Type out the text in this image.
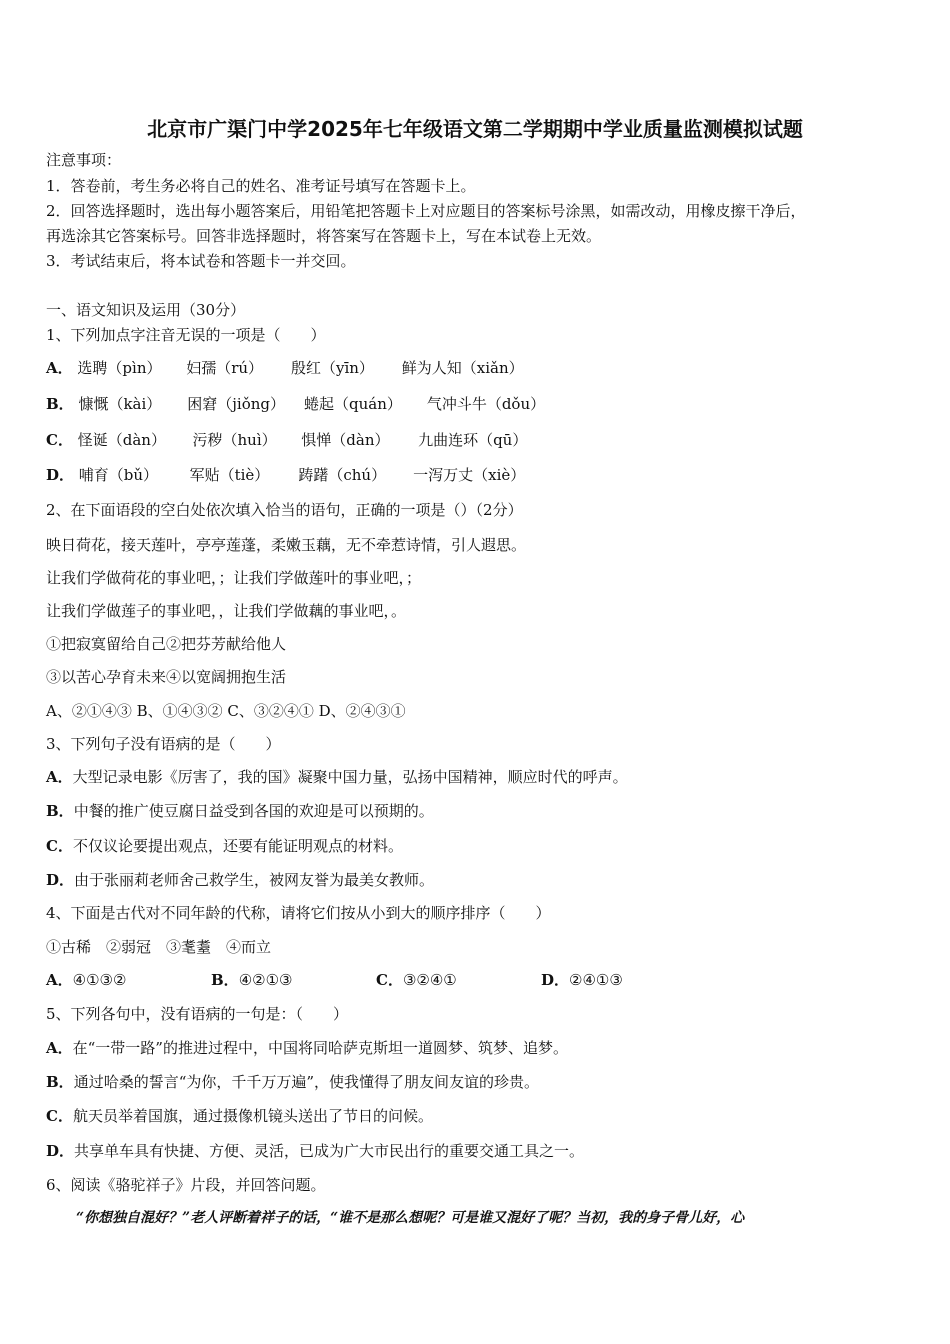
北京市广渠门中学2025年七年级语文第二学期期中学业质量监测模拟试题
注意事项：
1．答卷前，考生务必将自己的姓名、准考证号填写在答题卡上。
2．回答选择题时，选出每小题答案后，用铅笔把答题卡上对应题目的答案标号涂黑，如需改动，用橡皮擦干净后，
再选涂其它答案标号。回答非选择题时，将答案写在答题卡上，写在本试卷上无效。
3．考试结束后，将本试卷和答题卡一并交回。
一、语文知识及运用（30分）
1、下列加点字注音无误的一项是（　　）
A． 选聘（pìn） 妇孺（rú） 殷红（yīn） 鲜为人知（xiǎn）
B． 慷慨（kài） 困窘（jiǒng） 蜷起（quán） 气冲斗牛（dǒu）
C． 怪诞（dàn） 污秽（huì） 惧惮（dàn） 九曲连环（qū）
D． 哺育（bǔ） 军贴（tiè） 踌躇（chú） 一泻万丈（xiè）
2、在下面语段的空白处依次填入恰当的语句，正确的一项是（）（2分）
映日荷花，接天莲叶，亭亭莲蓬，柔嫩玉藕，无不牵惹诗情，引人遐思。
让我们学做荷花的事业吧，；让我们学做莲叶的事业吧，；
让我们学做莲子的事业吧，，让我们学做藕的事业吧，。
①把寂寞留给自己②把芬芳献给他人
③以苦心孕育未来④以宽阔拥抱生活
A、②①④③ B、①④③② C、③②④① D、②④③①
3、下列句子没有语病的是（　　）
A．大型记录电影《厉害了，我的国》凝聚中国力量，弘扬中国精神，顺应时代的呼声。
B．中餐的推广使豆腐日益受到各国的欢迎是可以预期的。
C．不仅议论要提出观点，还要有能证明观点的材料。
D．由于张丽莉老师舍己救学生，被网友誉为最美女教师。
4、下面是古代对不同年龄的代称，请将它们按从小到大的顺序排序（　　）
①古稀　②弱冠　③耄耋　④而立
A．④①③②	B．④②①③	C．③②④①	D．②④①③
5、下列各句中，没有语病的一句是：（　　）
A．在“一带一路”的推进过程中，中国将同哈萨克斯坦一道圆梦、筑梦、追梦。
B．通过哈桑的誓言“为你，千千万万遍”，使我懂得了朋友间友谊的珍贵。
C．航天员举着国旗，通过摄像机镜头送出了节日的问候。
D．共享单车具有快捷、方便、灵活，已成为广大市民出行的重要交通工具之一。
6、阅读《骆驼祥子》片段，并回答问题。
“你想独自混好？”老人评断着祥子的话，“谁不是那么想呢？可是谁又混好了呢？当初，我的身子骨儿好，心
